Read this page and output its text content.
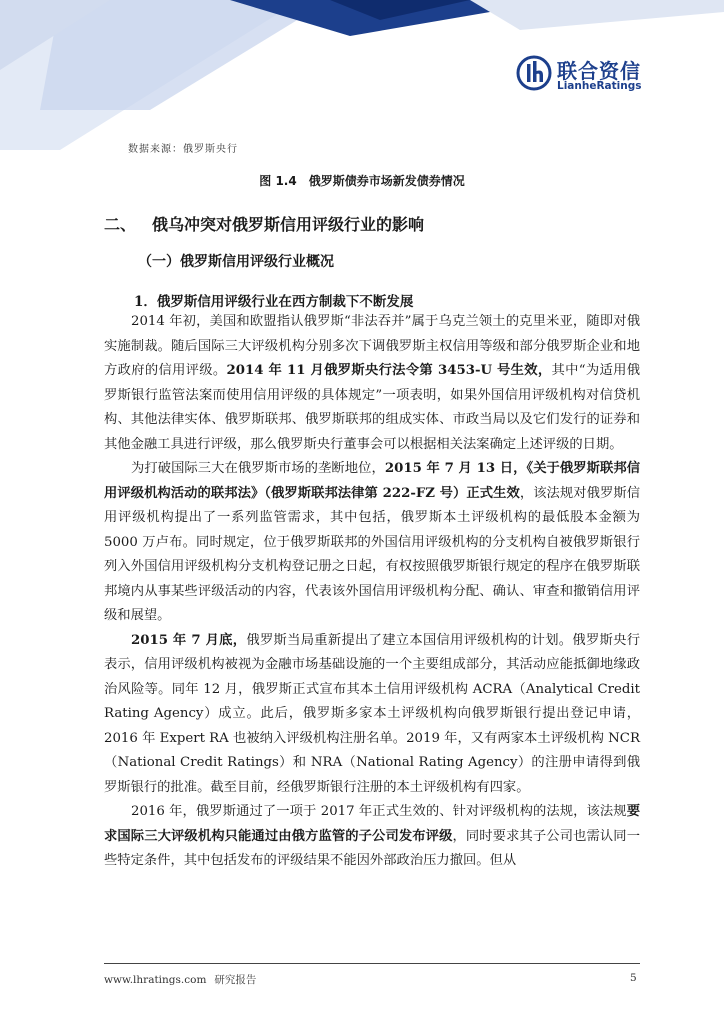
联合资信
LianheRatings
数据来源：俄罗斯央行
图 1.4　俄罗斯债券市场新发债券情况
二、 俄乌冲突对俄罗斯信用评级行业的影响
（一）俄罗斯信用评级行业概况
1．俄罗斯信用评级行业在西方制裁下不断发展

2014 年初，美国和欧盟指认俄罗斯“非法吞并”属于乌克兰领土的克里米亚，随即对俄实施制裁。随后国际三大评级机构分别多次下调俄罗斯主权信用等级和部分俄罗斯企业和地方政府的信用评级。2014 年 11 月俄罗斯央行法令第 3453-U 号生效，其中“为适用俄罗斯银行监管法案而使用信用评级的具体规定”一项表明，如果外国信用评级机构对信贷机构、其他法律实体、俄罗斯联邦、俄罗斯联邦的组成实体、市政当局以及它们发行的证券和其他金融工具进行评级，那么俄罗斯央行董事会可以根据相关法案确定上述评级的日期。

为打破国际三大在俄罗斯市场的垄断地位，2015 年 7 月 13 日，《关于俄罗斯联邦信用评级机构活动的联邦法》（俄罗斯联邦法律第 222-FZ 号）正式生效，该法规对俄罗斯信用评级机构提出了一系列监管需求，其中包括，俄罗斯本土评级机构的最低股本金额为 5000 万卢布。同时规定，位于俄罗斯联邦的外国信用评级机构的分支机构自被俄罗斯银行列入外国信用评级机构分支机构登记册之日起，有权按照俄罗斯银行规定的程序在俄罗斯联邦境内从事某些评级活动的内容，代表该外国信用评级机构分配、确认、审查和撤销信用评级和展望。

2015 年 7 月底，俄罗斯当局重新提出了建立本国信用评级机构的计划。俄罗斯央行表示，信用评级机构被视为金融市场基础设施的一个主要组成部分，其活动应能抵御地缘政治风险等。同年 12 月，俄罗斯正式宣布其本土信用评级机构 ACRA（Analytical Credit Rating Agency）成立。此后，俄罗斯多家本土评级机构向俄罗斯银行提出登记申请，2016 年 Expert RA 也被纳入评级机构注册名单。2019 年，又有两家本土评级机构 NCR（National Credit Ratings）和 NRA（National Rating Agency）的注册申请得到俄罗斯银行的批准。截至目前，经俄罗斯银行注册的本土评级机构有四家。

2016 年，俄罗斯通过了一项于 2017 年正式生效的、针对评级机构的法规，该法规要求国际三大评级机构只能通过由俄方监管的子公司发布评级，同时要求其子公司也需认同一些特定条件，其中包括发布的评级结果不能因外部政治压力撤回。但从

www.lhratings.com 研究报告	5
